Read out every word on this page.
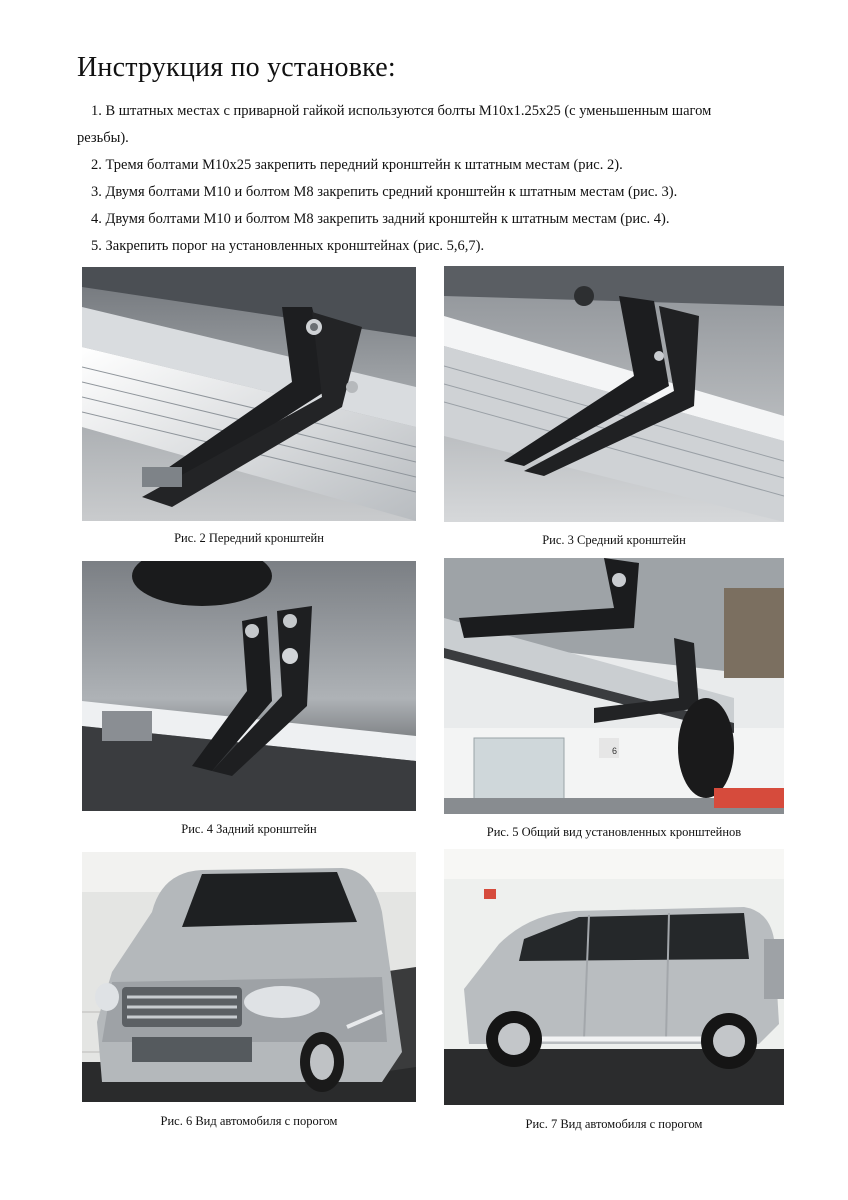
Инструкция по установке:
1. В штатных местах с приварной гайкой используются болты М10х1.25х25 (с уменьшенным шагом
резьбы).
2. Тремя болтами М10х25 закрепить передний кронштейн к штатным местам (рис. 2).
3. Двумя болтами М10 и болтом М8 закрепить средний кронштейн к штатным местам (рис. 3).
4. Двумя болтами М10 и болтом М8 закрепить задний кронштейн к штатным местам (рис. 4).
5. Закрепить порог на установленных кронштейнах (рис. 5,6,7).
Рис. 2 Передний кронштейн	Рис. 3 Средний кронштейн
Рис. 4 Задний кронштейн
6
Рис. 5 Общий вид установленных кронштейнов
Рис. 6 Вид автомобиля с порогом	Рис. 7 Вид автомобиля с порогом
